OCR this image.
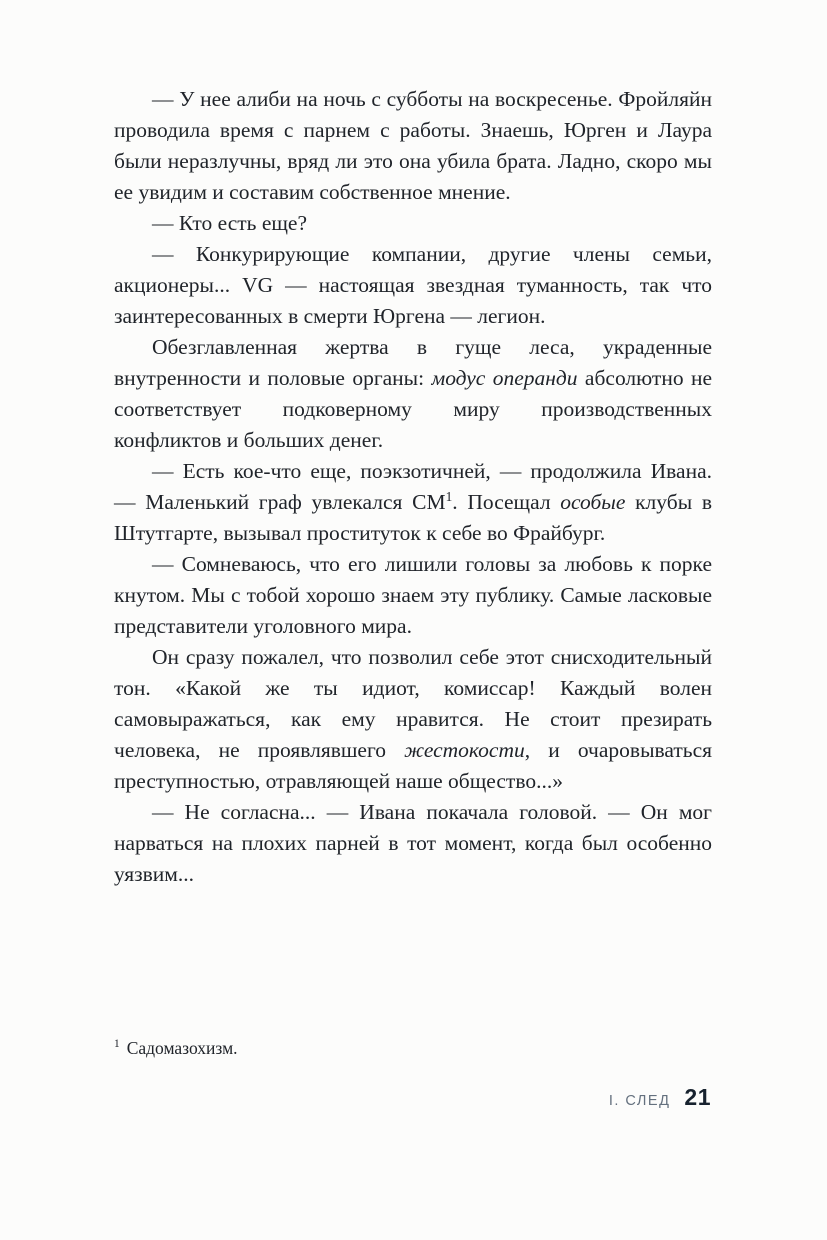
— У нее алиби на ночь с субботы на воскресенье. Фройляйн проводила время с парнем с работы. Знаешь, Юрген и Лаура были неразлучны, вряд ли это она убила брата. Ладно, скоро мы ее увидим и составим собственное мнение.

— Кто есть еще?

— Конкурирующие компании, другие члены семьи, акционеры... VG — настоящая звездная туманность, так что заинтересованных в смерти Юргена — легион.

Обезглавленная жертва в гуще леса, украденные внутренности и половые органы: модус операнди абсолютно не соответствует подковерному миру производственных конфликтов и больших денег.

— Есть кое-что еще, поэкзотичней, — продолжила Ивана. — Маленький граф увлекался СМ$^1$. Посещал особые клубы в Штутгарте, вызывал проституток к себе во Фрайбург.

— Сомневаюсь, что его лишили головы за любовь к порке кнутом. Мы с тобой хорошо знаем эту публику. Самые ласковые представители уголовного мира.

Он сразу пожалел, что позволил себе этот снисходительный тон. «Какой же ты идиот, комиссар! Каждый волен самовыражаться, как ему нравится. Не стоит презирать человека, не проявлявшего жестокости, и очаровываться преступностью, отравляющей наше общество...»

— Не согласна... — Ивана покачала головой. — Он мог нарваться на плохих парней в тот момент, когда был особенно уязвим...

$^1$ Садомазохизм.
I. СЛЕД 21
